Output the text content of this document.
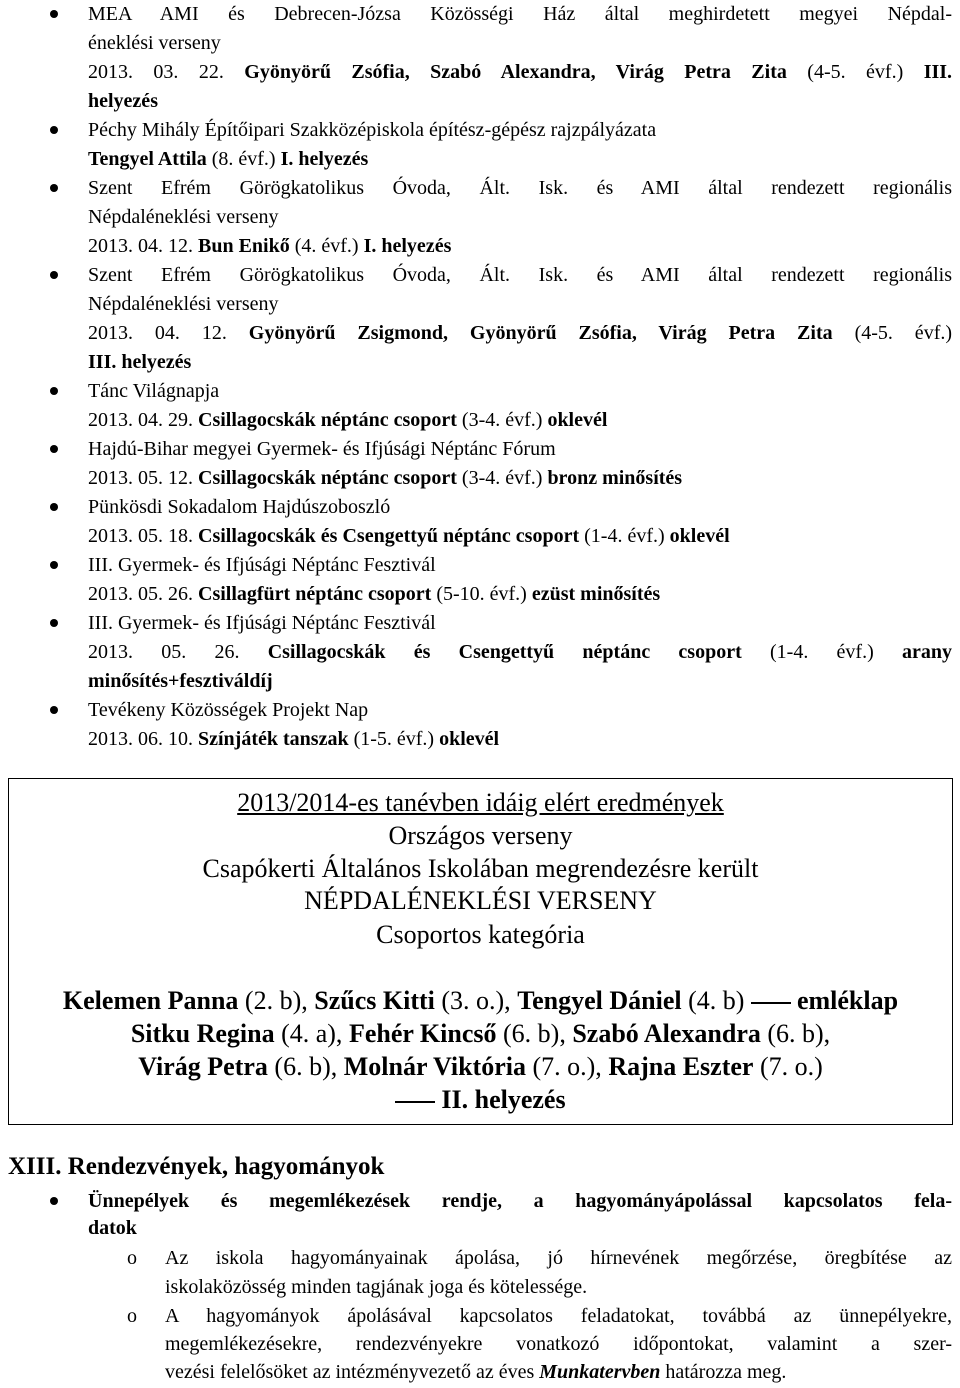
MEA AMI és Debrecen-Józsa Közösségi Ház által meghirdetett megyei Népdal-
éneklési verseny
2013. 03. 22. Gyönyörű Zsófia, Szabó Alexandra, Virág Petra Zita (4-5. évf.) III.
helyezés
Péchy Mihály Építőipari Szakközépiskola építész-gépész rajzpályázata
Tengyel Attila (8. évf.) I. helyezés
Szent Efrém Görögkatolikus Óvoda, Ált. Isk. és AMI által rendezett regionális
Népdaléneklési verseny
2013. 04. 12. Bun Enikő (4. évf.) I. helyezés
Szent Efrém Görögkatolikus Óvoda, Ált. Isk. és AMI által rendezett regionális
Népdaléneklési verseny
2013. 04. 12. Gyönyörű Zsigmond, Gyönyörű Zsófia, Virág Petra Zita (4-5. évf.)
III. helyezés
Tánc Világnapja
2013. 04. 29. Csillagocskák néptánc csoport (3-4. évf.) oklevél
Hajdú-Bihar megyei Gyermek- és Ifjúsági Néptánc Fórum
2013. 05. 12. Csillagocskák néptánc csoport (3-4. évf.) bronz minősítés
Pünkösdi Sokadalom Hajdúszoboszló
2013. 05. 18. Csillagocskák és Csengettyű néptánc csoport (1-4. évf.) oklevél
III. Gyermek- és Ifjúsági Néptánc Fesztivál
2013. 05. 26. Csillagfürt néptánc csoport (5-10. évf.) ezüst minősítés
III. Gyermek- és Ifjúsági Néptánc Fesztivál
2013. 05. 26. Csillagocskák és Csengettyű néptánc csoport (1-4. évf.) arany
minősítés+fesztiváldíj
Tevékeny Közösségek Projekt Nap
2013. 06. 10. Színjáték tanszak (1-5. évf.) oklevél
2013/2014-es tanévben idáig elért eredmények
Országos verseny
Csapókerti Általános Iskolában megrendezésre került
NÉPDALÉNEKLÉSI VERSENY
Csoportos kategória
Kelemen Panna (2. b), Szűcs Kitti (3. o.), Tengyel Dániel (4. b) emléklap
Sitku Regina (4. a), Fehér Kincső (6. b), Szabó Alexandra (6. b),
Virág Petra (6. b), Molnár Viktória (7. o.), Rajna Eszter (7. o.)
II. helyezés
XIII. Rendezvények, hagyományok
Ünnepélyek és megemlékezések rendje, a hagyományápolással kapcsolatos fela-
datok
o Az iskola hagyományainak ápolása, jó hírnevének megőrzése, öregbítése az
iskolaközösség minden tagjának joga és kötelessége.
o A hagyományok ápolásával kapcsolatos feladatokat, továbbá az ünnepélyekre,
megemlékezésekre, rendezvényekre vonatkozó időpontokat, valamint a szer-
vezési felelősöket az intézményvezető az éves Munkatervben határozza meg.
